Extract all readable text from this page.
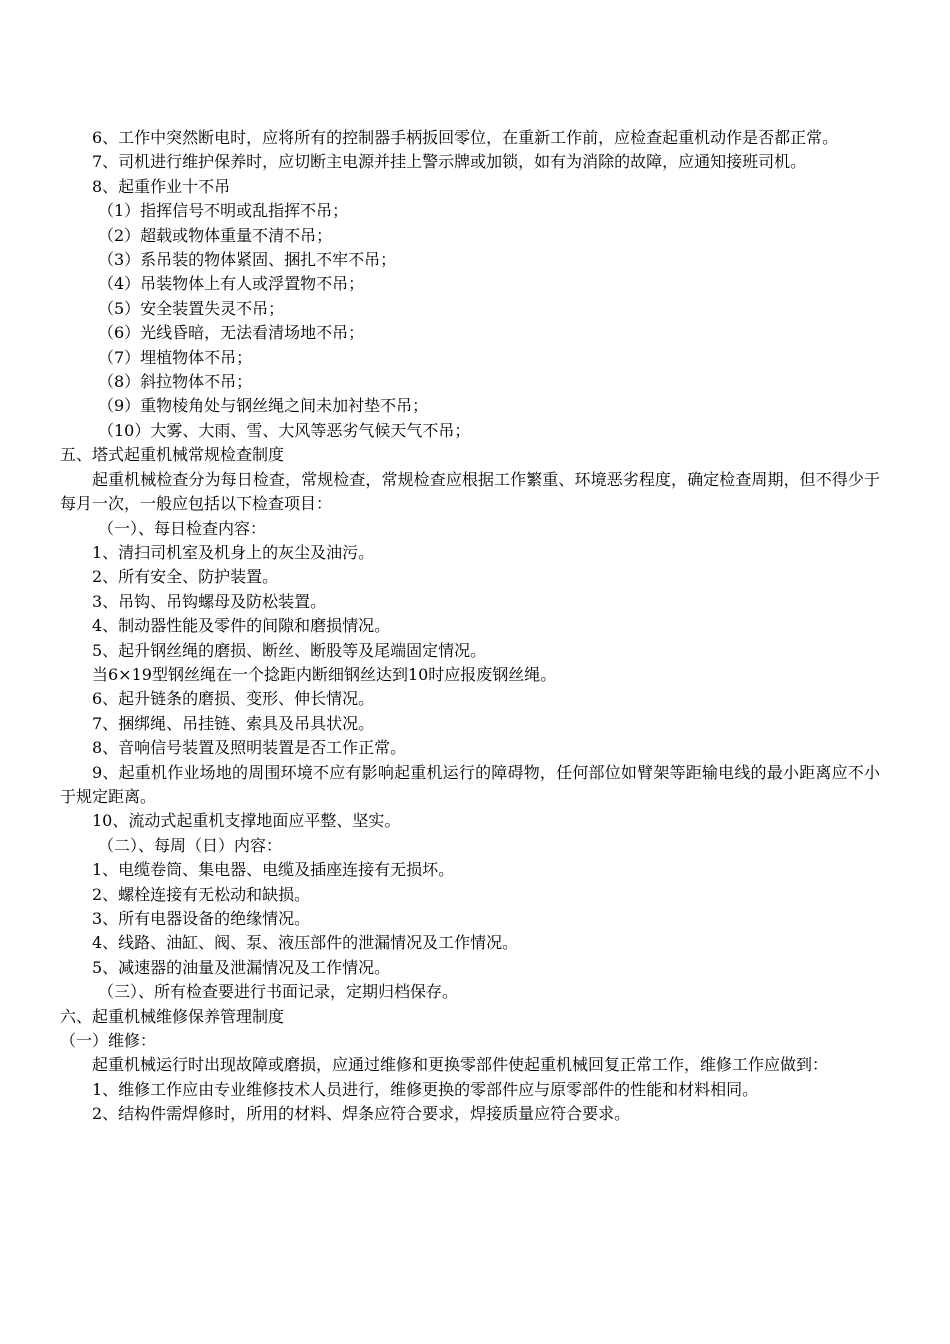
6、工作中突然断电时，应将所有的控制器手柄扳回零位，在重新工作前，应检查起重机动作是否都正常。

7、司机进行维护保养时，应切断主电源并挂上警示牌或加锁，如有为消除的故障，应通知接班司机。

8、起重作业十不吊

（1）指挥信号不明或乱指挥不吊；

（2）超载或物体重量不清不吊；

（3）系吊装的物体紧固、捆扎不牢不吊；

（4）吊装物体上有人或浮置物不吊；

（5）安全装置失灵不吊；

（6）光线昏暗，无法看清场地不吊；

（7）埋植物体不吊；

（8）斜拉物体不吊；

（9）重物棱角处与钢丝绳之间未加衬垫不吊；

（10）大雾、大雨、雪、大风等恶劣气候天气不吊；

五、塔式起重机械常规检查制度

起重机械检查分为每日检查，常规检查，常规检查应根据工作繁重、环境恶劣程度，确定检查周期，但不得少于每月一次，一般应包括以下检查项目：

（一）、每日检查内容：

1、清扫司机室及机身上的灰尘及油污。

2、所有安全、防护装置。

3、吊钩、吊钩螺母及防松装置。

4、制动器性能及零件的间隙和磨损情况。

5、起升钢丝绳的磨损、断丝、断股等及尾端固定情况。

当6×19型钢丝绳在一个捻距内断细钢丝达到10时应报废钢丝绳。

6、起升链条的磨损、变形、伸长情况。

7、捆绑绳、吊挂链、索具及吊具状况。

8、音响信号装置及照明装置是否工作正常。

9、起重机作业场地的周围环境不应有影响起重机运行的障碍物，任何部位如臂架等距输电线的最小距离应不小于规定距离。

10、流动式起重机支撑地面应平整、坚实。

（二）、每周（日）内容：

1、电缆卷筒、集电器、电缆及插座连接有无损坏。

2、螺栓连接有无松动和缺损。

3、所有电器设备的绝缘情况。

4、线路、油缸、阀、泵、液压部件的泄漏情况及工作情况。

5、减速器的油量及泄漏情况及工作情况。

（三）、所有检查要进行书面记录，定期归档保存。

六、起重机械维修保养管理制度

（一）维修：

起重机械运行时出现故障或磨损，应通过维修和更换零部件使起重机械回复正常工作，维修工作应做到：

1、维修工作应由专业维修技术人员进行，维修更换的零部件应与原零部件的性能和材料相同。

2、结构件需焊修时，所用的材料、焊条应符合要求，焊接质量应符合要求。
